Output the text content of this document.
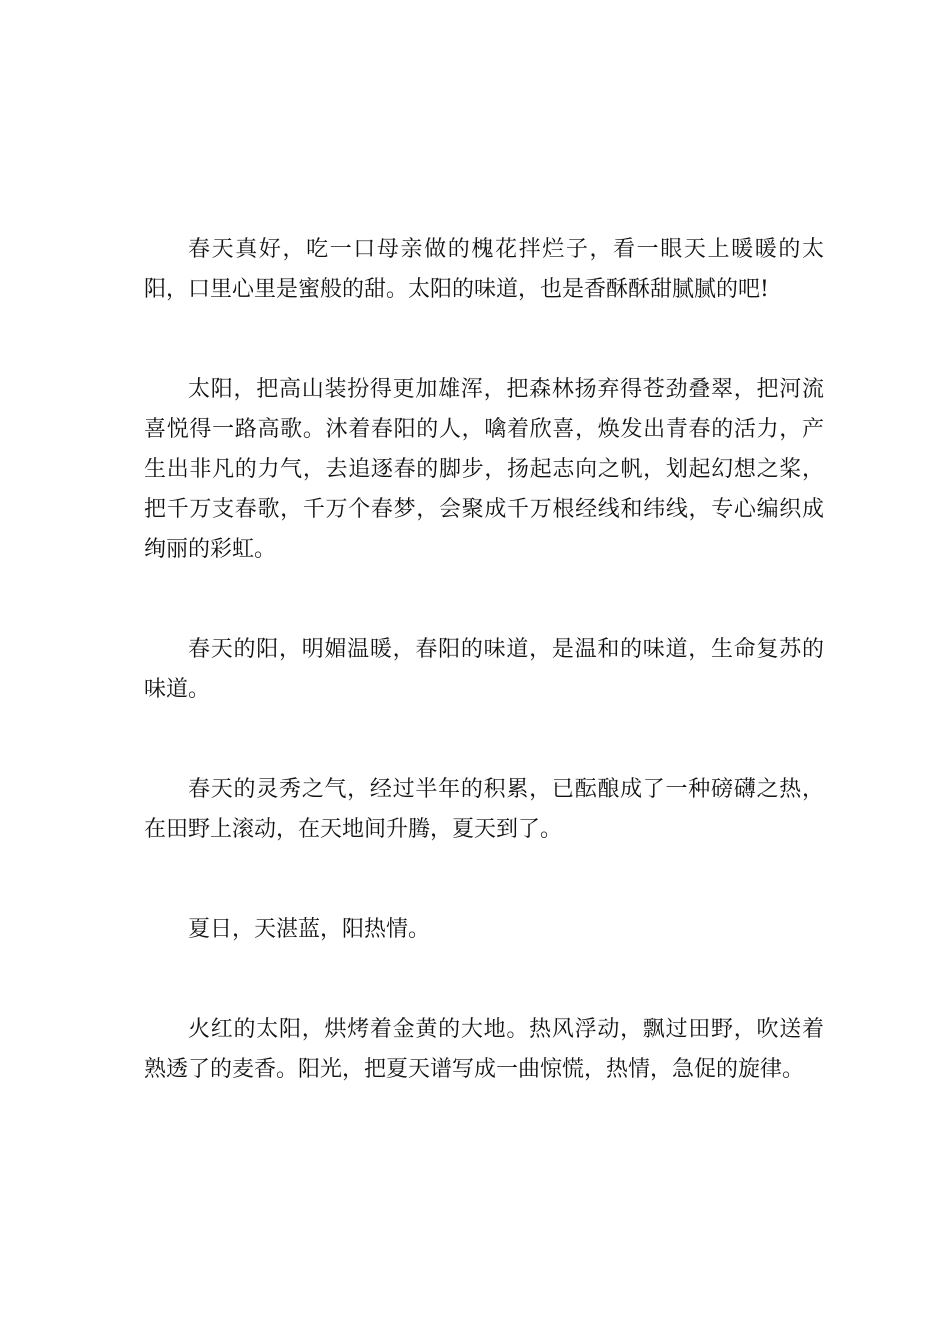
春天真好，吃一口母亲做的槐花拌烂子，看一眼天上暖暖的太阳，口里心里是蜜般的甜。太阳的味道，也是香酥酥甜腻腻的吧!

太阳，把高山装扮得更加雄浑，把森林扬弃得苍劲叠翠，把河流喜悦得一路高歌。沐着春阳的人，噙着欣喜，焕发出青春的活力，产生出非凡的力气，去追逐春的脚步，扬起志向之帆，划起幻想之桨，把千万支春歌，千万个春梦，会聚成千万根经线和纬线，专心编织成绚丽的彩虹。

春天的阳，明媚温暖，春阳的味道，是温和的味道，生命复苏的味道。

春天的灵秀之气，经过半年的积累，已酝酿成了一种磅礴之热，在田野上滚动，在天地间升腾，夏天到了。

夏日，天湛蓝，阳热情。

火红的太阳，烘烤着金黄的大地。热风浮动，飘过田野，吹送着熟透了的麦香。阳光，把夏天谱写成一曲惊慌，热情，急促的旋律。
